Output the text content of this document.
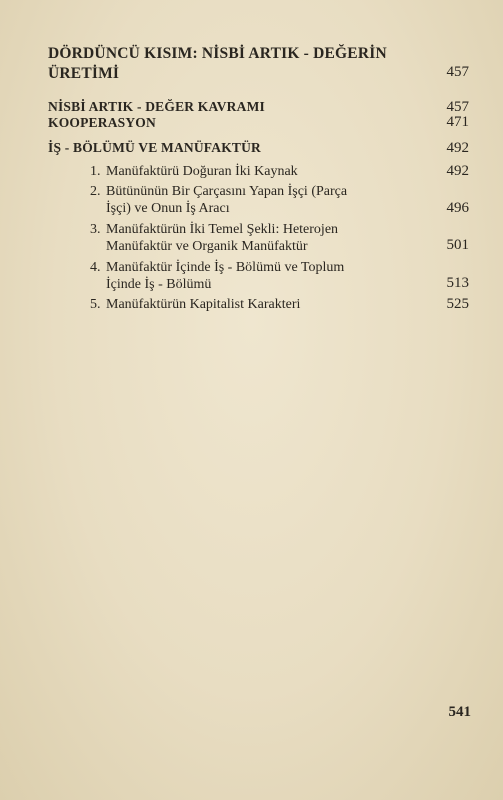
DÖRDÜNCÜ KISIM: NİSBİ ARTIK - DEĞERİN
ÜRETİMİ	457
NİSBİ ARTIK - DEĞER KAVRAMI	457
KOOPERASYON	471
İŞ - BÖLÜMÜ VE MANÜFAKTÜR	492
1. Manüfaktürü Doğuran İki Kaynak	492
2. Bütününün Bir Çarçasını Yapan İşçi (Parça
İşçi) ve Onun İş Aracı	496
3. Manüfaktürün İki Temel Şekli: Heterojen
Manüfaktür ve Organik Manüfaktür	501
4. Manüfaktür İçinde İş - Bölümü ve Toplum
İçinde İş - Bölümü	513
5. Manüfaktürün Kapitalist Karakteri	525
541
